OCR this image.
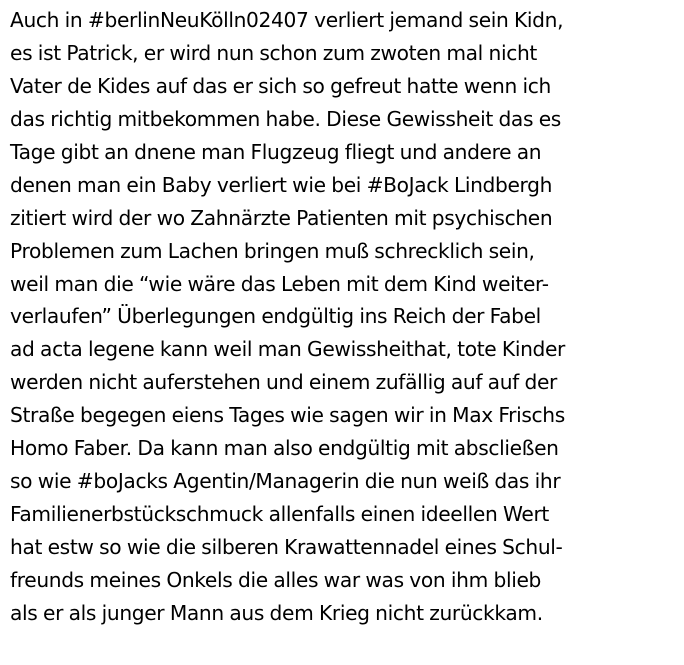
Auch in #berlinNeuKölln02407 verliert jemand sein Kidn,
es ist Patrick, er wird nun schon zum zwoten mal nicht
Vater de Kides auf das er sich so gefreut hatte wenn ich
das richtig mitbekommen habe. Diese Gewissheit das es
Tage gibt an dnene man Flugzeug fliegt und andere an
denen man ein Baby verliert wie bei #BoJack Lindbergh
zitiert wird der wo Zahnärzte Patienten mit psychischen
Problemen zum Lachen bringen muß schrecklich sein,
weil man die “wie wäre das Leben mit dem Kind weiter-
verlaufen” Überlegungen endgültig ins Reich der Fabel
ad acta legene kann weil man Gewissheithat, tote Kinder
werden nicht auferstehen und einem zufällig auf auf der
Straße begegen eiens Tages wie sagen wir in Max Frischs
Homo Faber. Da kann man also endgültig mit abscließen
so wie #boJacks Agentin/Managerin die nun weiß das ihr
Familienerbstückschmuck allenfalls einen ideellen Wert
hat estw so wie die silberen Krawattennadel eines Schul-
freunds meines Onkels die alles war was von ihm blieb
als er als junger Mann aus dem Krieg nicht zurückkam.
